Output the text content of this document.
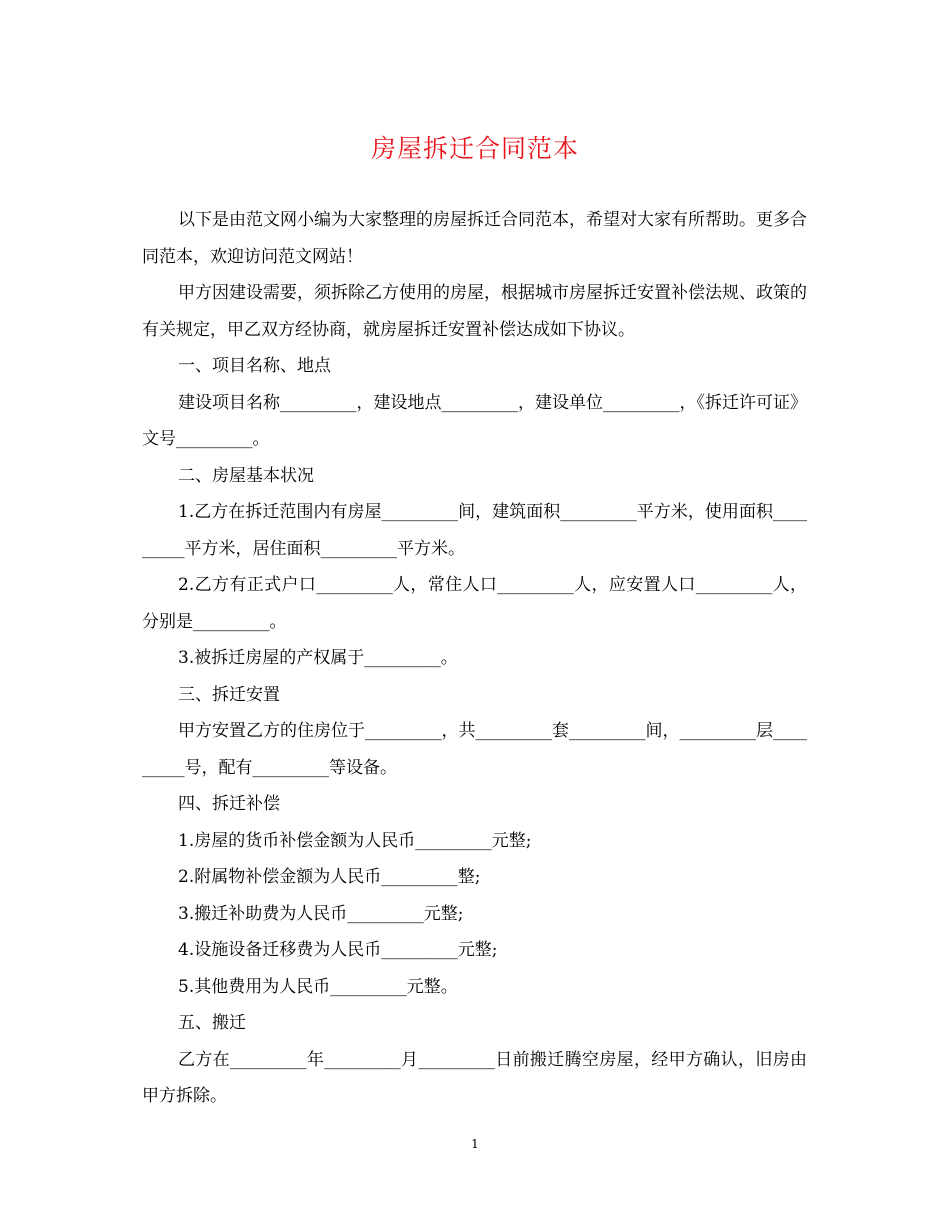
房屋拆迁合同范本

以下是由范文网小编为大家整理的房屋拆迁合同范本，希望对大家有所帮助。更多合同范本，欢迎访问范文网站！

甲方因建设需要，须拆除乙方使用的房屋，根据城市房屋拆迁安置补偿法规、政策的有关规定，甲乙双方经协商，就房屋拆迁安置补偿达成如下协议。

一、项目名称、地点

建设项目名称_________，建设地点_________，建设单位_________，《拆迁许可证》文号_________。

二、房屋基本状况

1.乙方在拆迁范围内有房屋_________间，建筑面积_________平方米，使用面积_________平方米，居住面积_________平方米。

2.乙方有正式户口_________人，常住人口_________人，应安置人口_________人，分别是_________。

3.被拆迁房屋的产权属于_________。

三、拆迁安置

甲方安置乙方的住房位于_________，共_________套_________间，_________层_________号，配有_________等设备。

四、拆迁补偿

1.房屋的货币补偿金额为人民币_________元整;

2.附属物补偿金额为人民币_________整;

3.搬迁补助费为人民币_________元整;

4.设施设备迁移费为人民币_________元整;

5.其他费用为人民币_________元整。

五、搬迁

乙方在_________年_________月_________日前搬迁腾空房屋，经甲方确认，旧房由甲方拆除。

1
